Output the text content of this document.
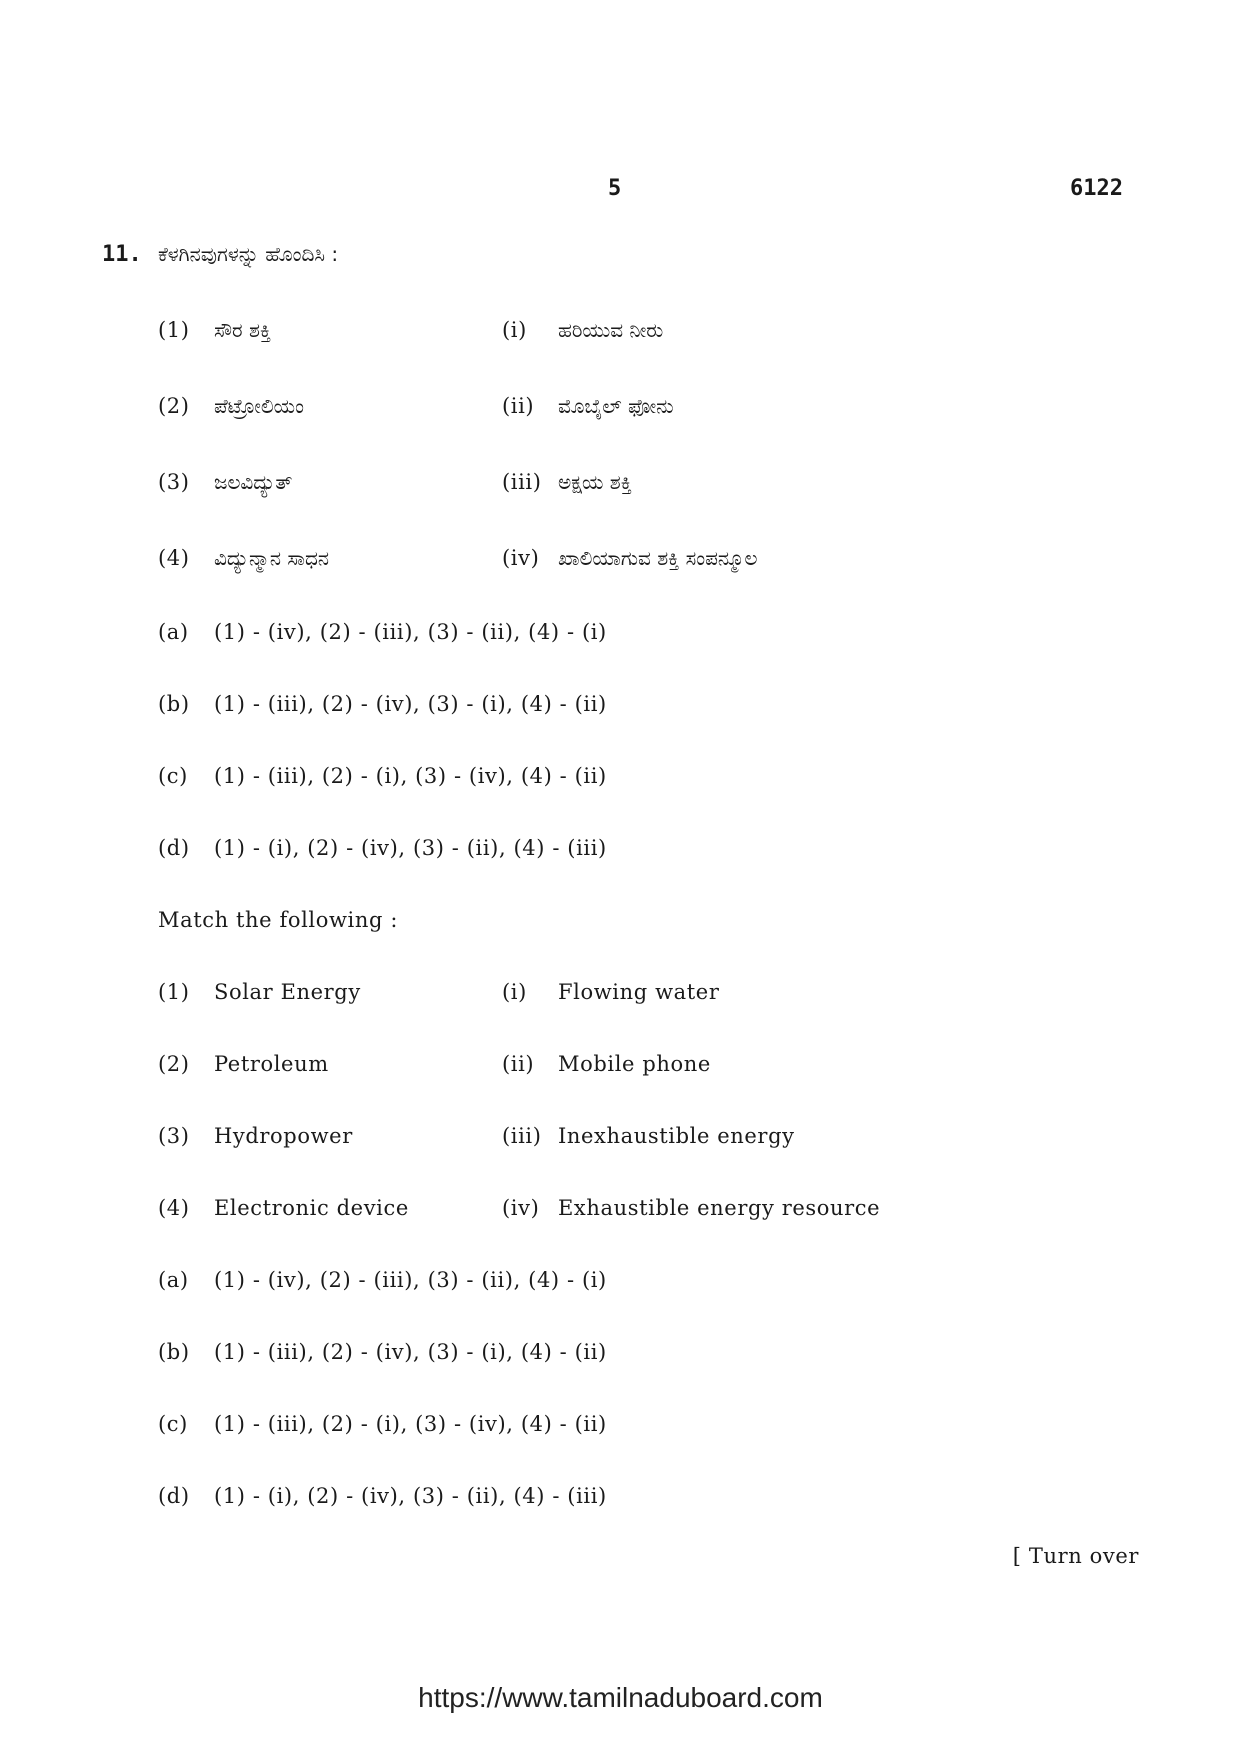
5	6122
11. ಕೆಳಗಿನವುಗಳನ್ನು ಹೊಂದಿಸಿ :
(1) ಸೌರ ಶಕ್ತಿ	(i) ಹರಿಯುವ ನೀರು
(2) ಪೆಟ್ರೋಲಿಯಂ	(ii) ಮೊಬೈಲ್ ಫೋನು
(3) ಜಲವಿದ್ಯುತ್	(iii) ಅಕ್ಷಯ ಶಕ್ತಿ
(4) ವಿದ್ಯುನ್ಮಾನ ಸಾಧನ	(iv) ಖಾಲಿಯಾಗುವ ಶಕ್ತಿ ಸಂಪನ್ಮೂಲ
(a) (1) - (iv), (2) - (iii), (3) - (ii), (4) - (i)
(b) (1) - (iii), (2) - (iv), (3) - (i), (4) - (ii)
(c) (1) - (iii), (2) - (i), (3) - (iv), (4) - (ii)
(d) (1) - (i), (2) - (iv), (3) - (ii), (4) - (iii)
Match the following :
(1) Solar Energy	(i) Flowing water
(2) Petroleum	(ii) Mobile phone
(3) Hydropower	(iii) Inexhaustible energy
(4) Electronic device	(iv) Exhaustible energy resource
(a) (1) - (iv), (2) - (iii), (3) - (ii), (4) - (i)
(b) (1) - (iii), (2) - (iv), (3) - (i), (4) - (ii)
(c) (1) - (iii), (2) - (i), (3) - (iv), (4) - (ii)
(d) (1) - (i), (2) - (iv), (3) - (ii), (4) - (iii)
[ Turn over
https://www.tamilnaduboard.com
